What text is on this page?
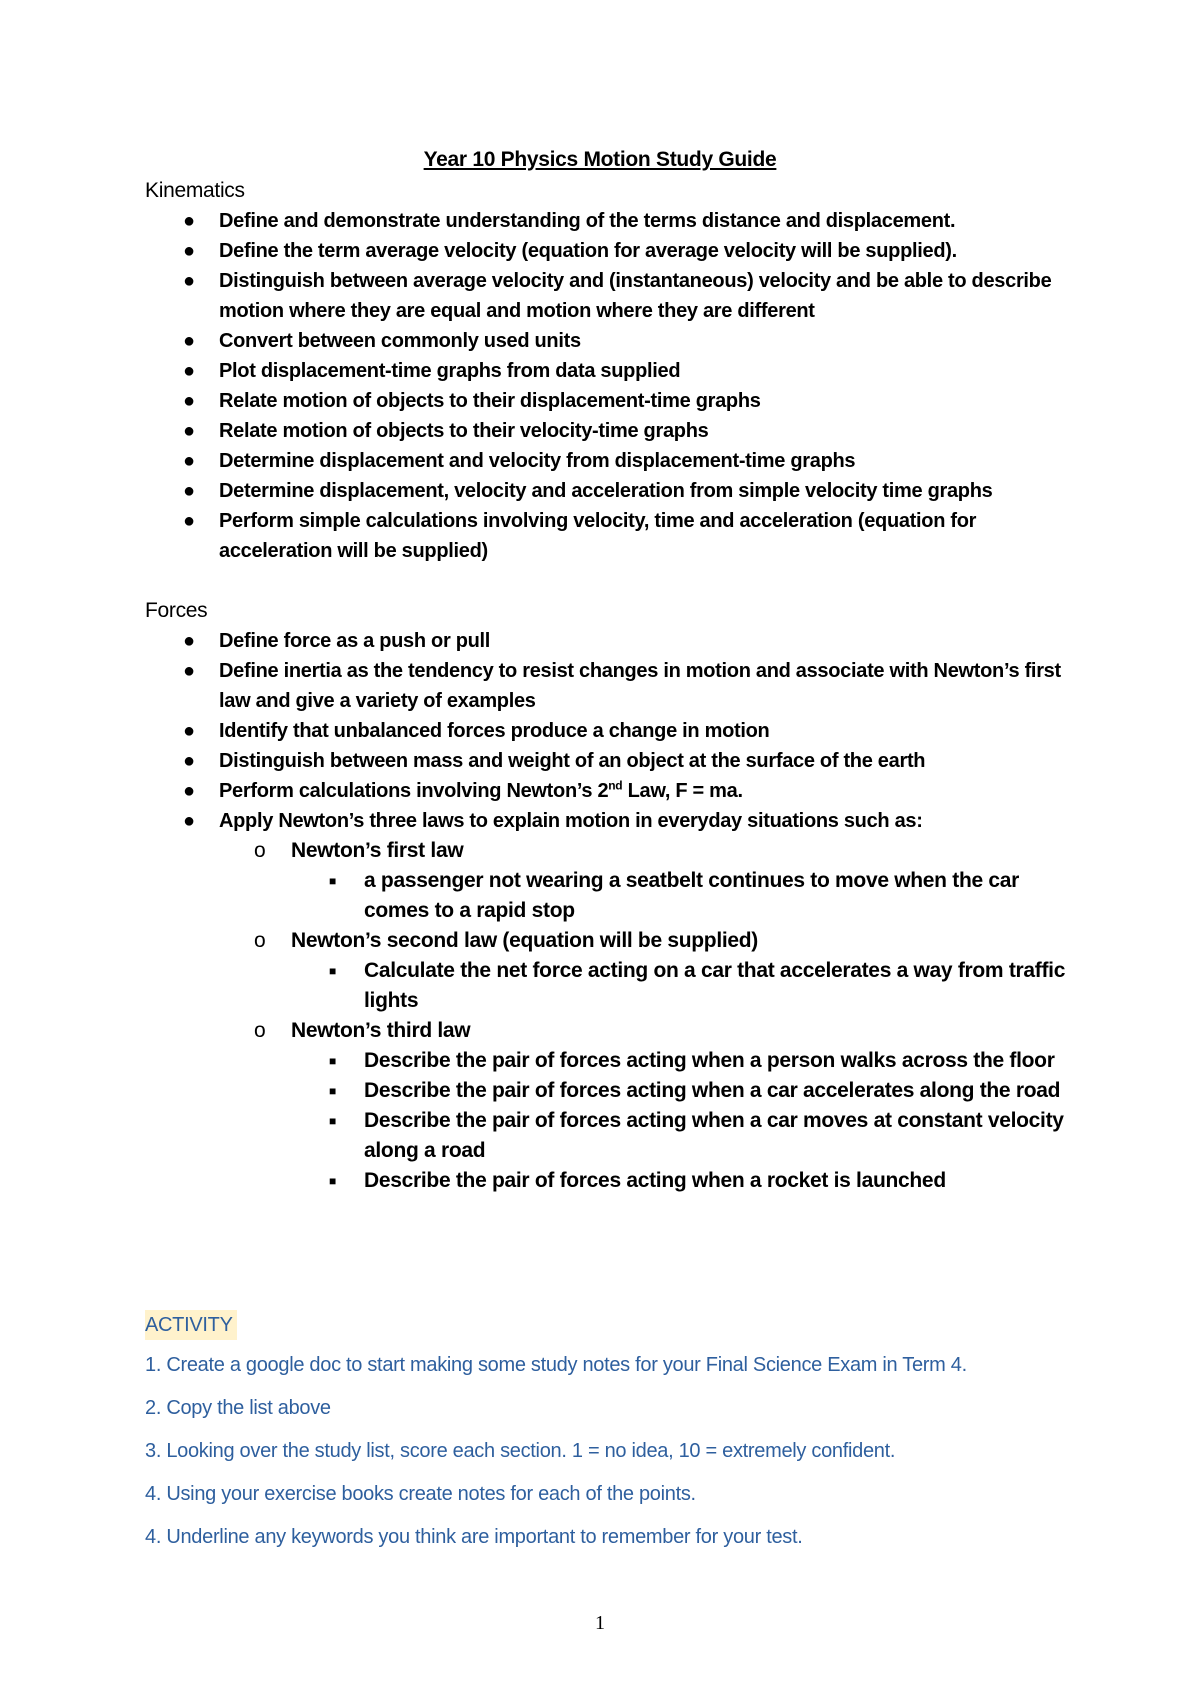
Year 10 Physics Motion Study Guide
Kinematics
● Define and demonstrate understanding of the terms distance and displacement.
● Define the term average velocity (equation for average velocity will be supplied).
● Distinguish between average velocity and (instantaneous) velocity and be able to describe motion where they are equal and motion where they are different
● Convert between commonly used units
● Plot displacement-time graphs from data supplied
● Relate motion of objects to their displacement-time graphs
● Relate motion of objects to their velocity-time graphs
● Determine displacement and velocity from displacement-time graphs
● Determine displacement, velocity and acceleration from simple velocity time graphs
● Perform simple calculations involving velocity, time and acceleration (equation for acceleration will be supplied)
Forces
● Define force as a push or pull
● Define inertia as the tendency to resist changes in motion and associate with Newton’s first law and give a variety of examples
● Identify that unbalanced forces produce a change in motion
● Distinguish between mass and weight of an object at the surface of the earth
● Perform calculations involving Newton’s 2nd Law, F = ma.
● Apply Newton’s three laws to explain motion in everyday situations such as:
o Newton’s first law
■ a passenger not wearing a seatbelt continues to move when the car comes to a rapid stop
o Newton’s second law (equation will be supplied)
■ Calculate the net force acting on a car that accelerates a way from traffic lights
o Newton’s third law
■ Describe the pair of forces acting when a person walks across the floor
■ Describe the pair of forces acting when a car accelerates along the road
■ Describe the pair of forces acting when a car moves at constant velocity along a road
■ Describe the pair of forces acting when a rocket is launched
ACTIVITY
1. Create a google doc to start making some study notes for your Final Science Exam in Term 4.
2. Copy the list above
3. Looking over the study list, score each section. 1 = no idea, 10 = extremely confident.
4. Using your exercise books create notes for each of the points.
4. Underline any keywords you think are important to remember for your test.
1
